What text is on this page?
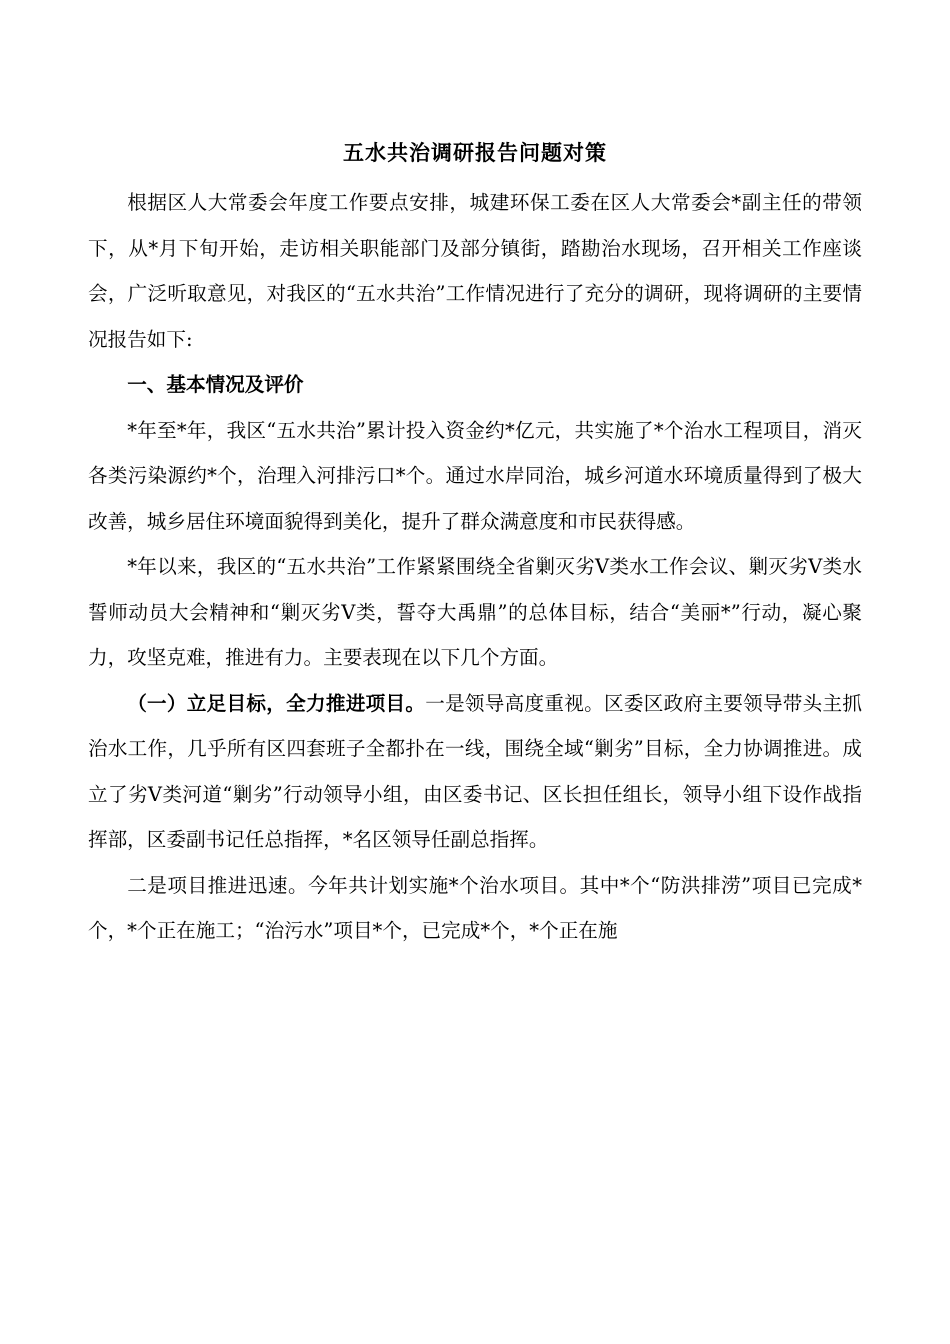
五水共治调研报告问题对策

根据区人大常委会年度工作要点安排，城建环保工委在区人大常委会*副主任的带领下，从*月下旬开始，走访相关职能部门及部分镇街，踏勘治水现场，召开相关工作座谈会，广泛听取意见，对我区的“五水共治”工作情况进行了充分的调研，现将调研的主要情况报告如下:

一、基本情况及评价

*年至*年，我区“五水共治”累计投入资金约*亿元，共实施了*个治水工程项目，消灭各类污染源约*个，治理入河排污口*个。通过水岸同治，城乡河道水环境质量得到了极大改善，城乡居住环境面貌得到美化，提升了群众满意度和市民获得感。

*年以来，我区的“五水共治”工作紧紧围绕全省剿灭劣Ⅴ类水工作会议、剿灭劣Ⅴ类水誓师动员大会精神和“剿灭劣Ⅴ类，誓夺大禹鼎”的总体目标，结合“美丽*”行动，凝心聚力，攻坚克难，推进有力。主要表现在以下几个方面。

（一）立足目标，全力推进项目。一是领导高度重视。区委区政府主要领导带头主抓治水工作，几乎所有区四套班子全都扑在一线，围绕全域“剿劣”目标，全力协调推进。成立了劣Ⅴ类河道“剿劣”行动领导小组，由区委书记、区长担任组长，领导小组下设作战指挥部，区委副书记任总指挥，*名区领导任副总指挥。

二是项目推进迅速。今年共计划实施*个治水项目。其中*个“防洪排涝”项目已完成*个，*个正在施工；“治污水”项目*个，已完成*个，*个正在施
